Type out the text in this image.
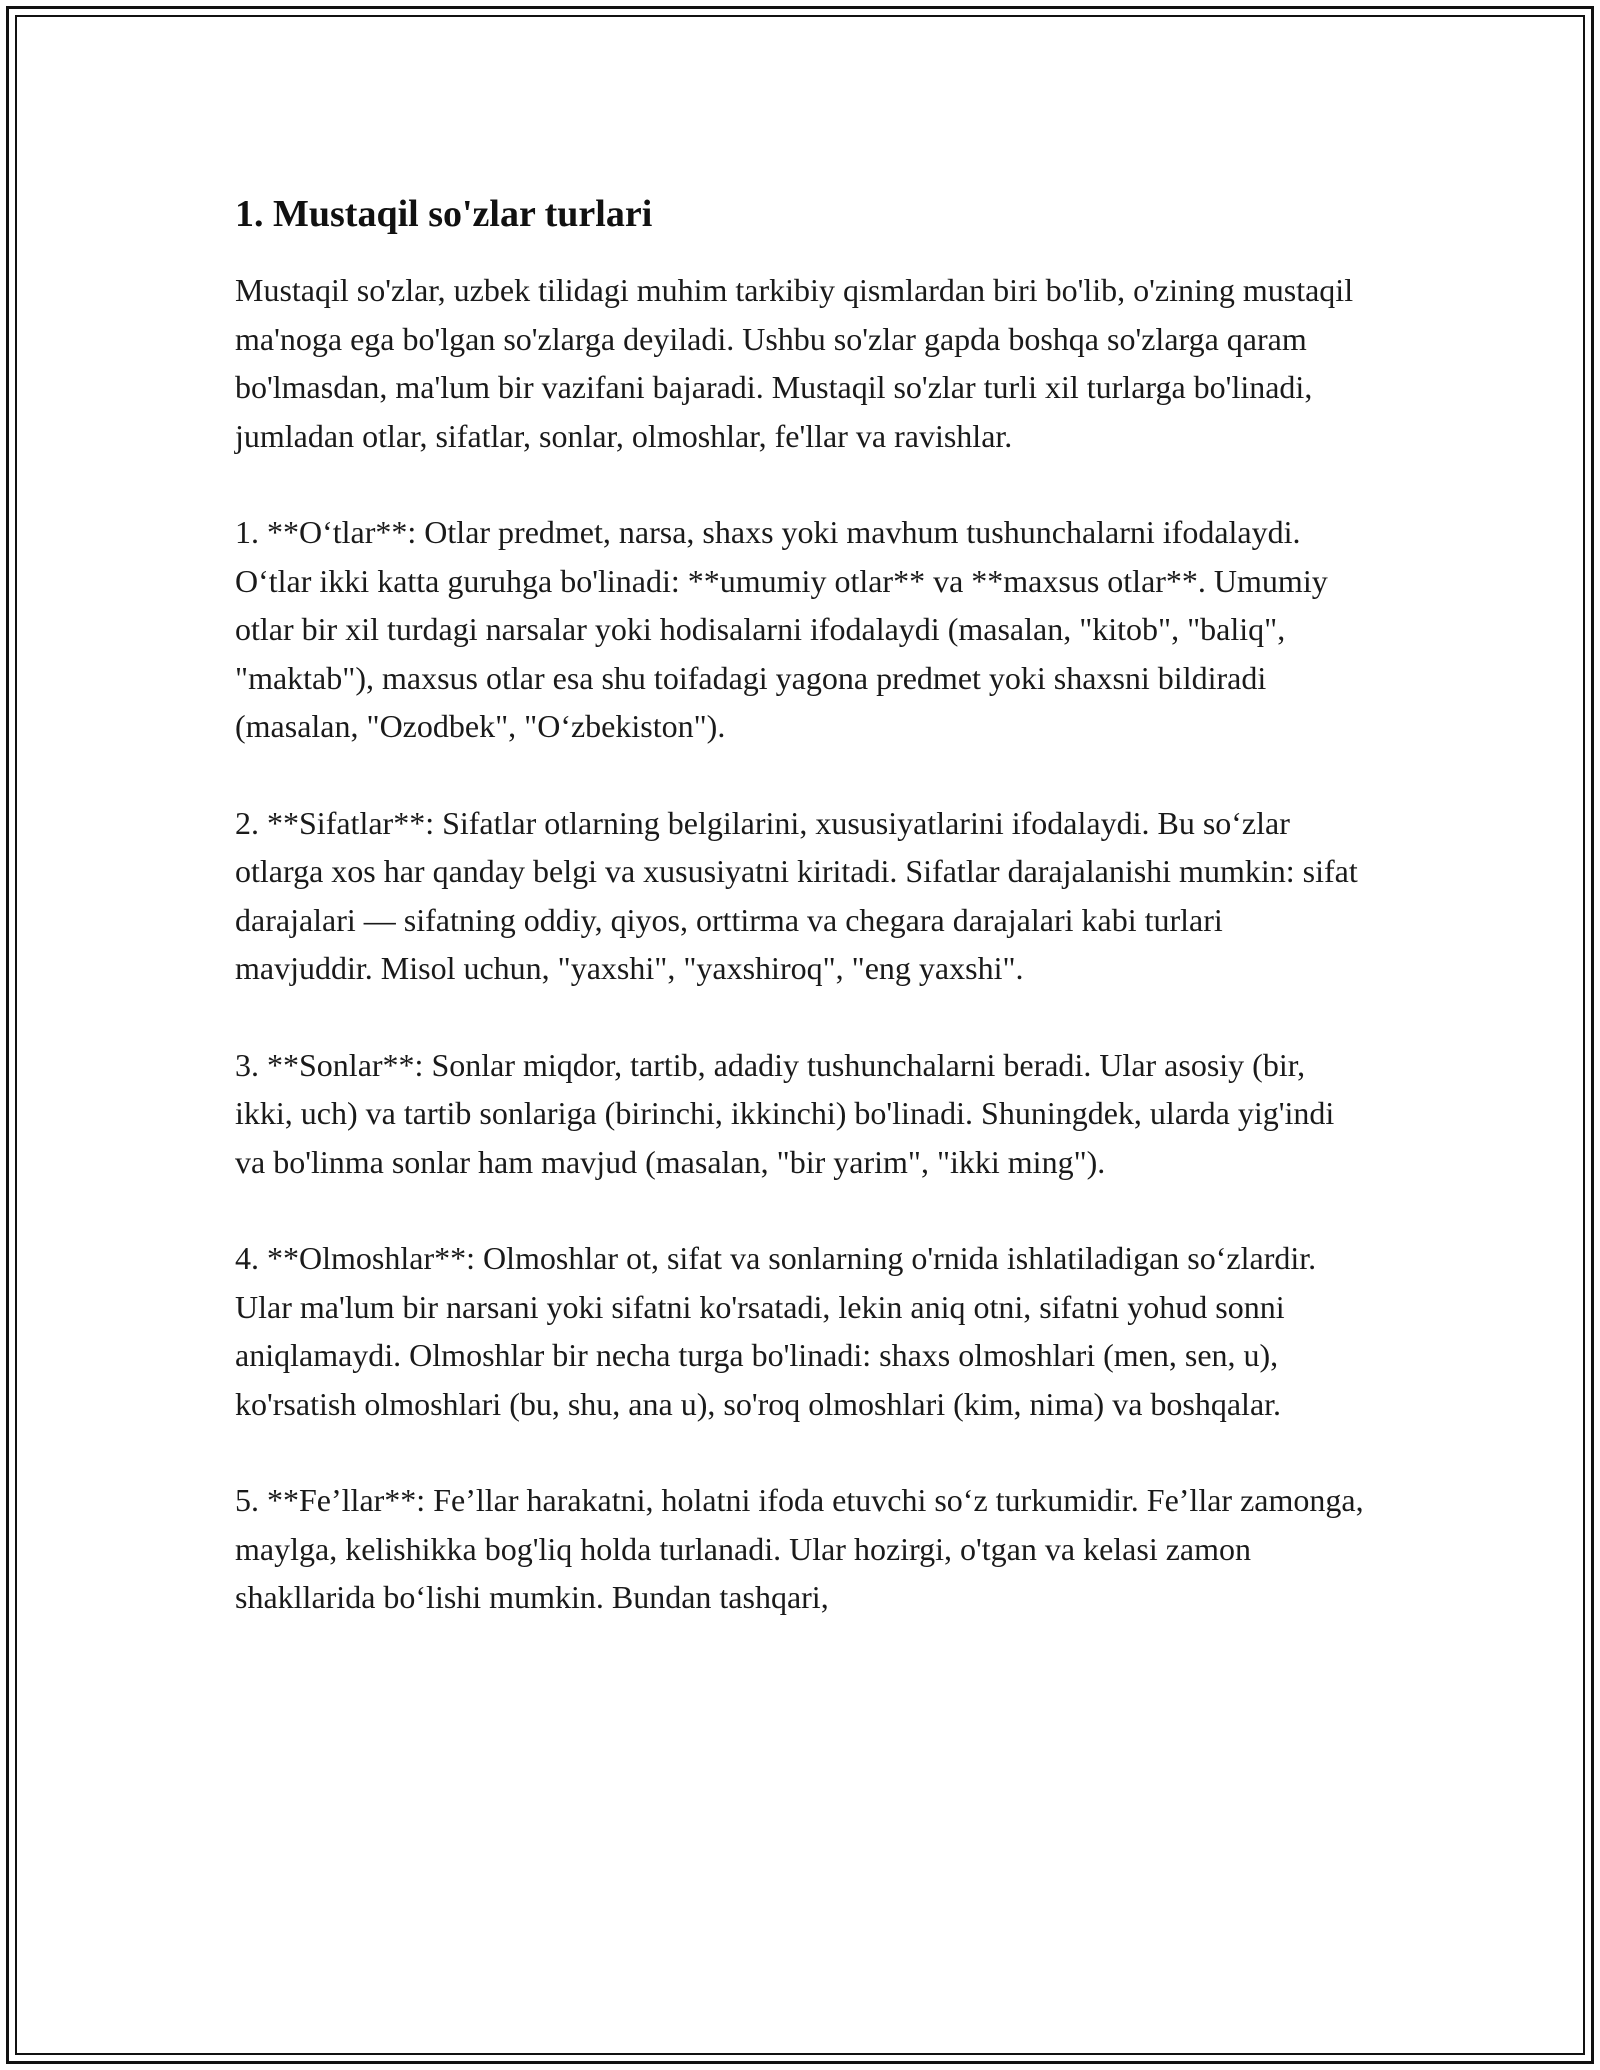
1. Mustaqil so'zlar turlari

Mustaqil so'zlar, uzbek tilidagi muhim tarkibiy qismlardan biri bo'lib, o'zining mustaqil ma'noga ega bo'lgan so'zlarga deyiladi. Ushbu so'zlar gapda boshqa so'zlarga qaram bo'lmasdan, ma'lum bir vazifani bajaradi. Mustaqil so'zlar turli xil turlarga bo'linadi, jumladan otlar, sifatlar, sonlar, olmoshlar, fe'llar va ravishlar.

1. **O‘tlar**: Otlar predmet, narsa, shaxs yoki mavhum tushunchalarni ifodalaydi. O‘tlar ikki katta guruhga bo'linadi: **umumiy otlar** va **maxsus otlar**. Umumiy otlar bir xil turdagi narsalar yoki hodisalarni ifodalaydi (masalan, "kitob", "baliq", "maktab"), maxsus otlar esa shu toifadagi yagona predmet yoki shaxsni bildiradi (masalan, "Ozodbek", "O‘zbekiston").

2. **Sifatlar**: Sifatlar otlarning belgilarini, xususiyatlarini ifodalaydi. Bu so‘zlar otlarga xos har qanday belgi va xususiyatni kiritadi. Sifatlar darajalanishi mumkin: sifat darajalari — sifatning oddiy, qiyos, orttirma va chegara darajalari kabi turlari mavjuddir. Misol uchun, "yaxshi", "yaxshiroq", "eng yaxshi".

3. **Sonlar**: Sonlar miqdor, tartib, adadiy tushunchalarni beradi. Ular asosiy (bir, ikki, uch) va tartib sonlariga (birinchi, ikkinchi) bo'linadi. Shuningdek, ularda yig'indi va bo'linma sonlar ham mavjud (masalan, "bir yarim", "ikki ming").

4. **Olmoshlar**: Olmoshlar ot, sifat va sonlarning o'rnida ishlatiladigan so‘zlardir. Ular ma'lum bir narsani yoki sifatni ko'rsatadi, lekin aniq otni, sifatni yohud sonni aniqlamaydi. Olmoshlar bir necha turga bo'linadi: shaxs olmoshlari (men, sen, u), ko'rsatish olmoshlari (bu, shu, ana u), so'roq olmoshlari (kim, nima) va boshqalar.

5. **Fe’llar**: Fe’llar harakatni, holatni ifoda etuvchi so‘z turkumidir. Fe’llar zamonga, maylga, kelishikka bog'liq holda turlanadi. Ular hozirgi, o'tgan va kelasi zamon shakllarida bo‘lishi mumkin. Bundan tashqari,
